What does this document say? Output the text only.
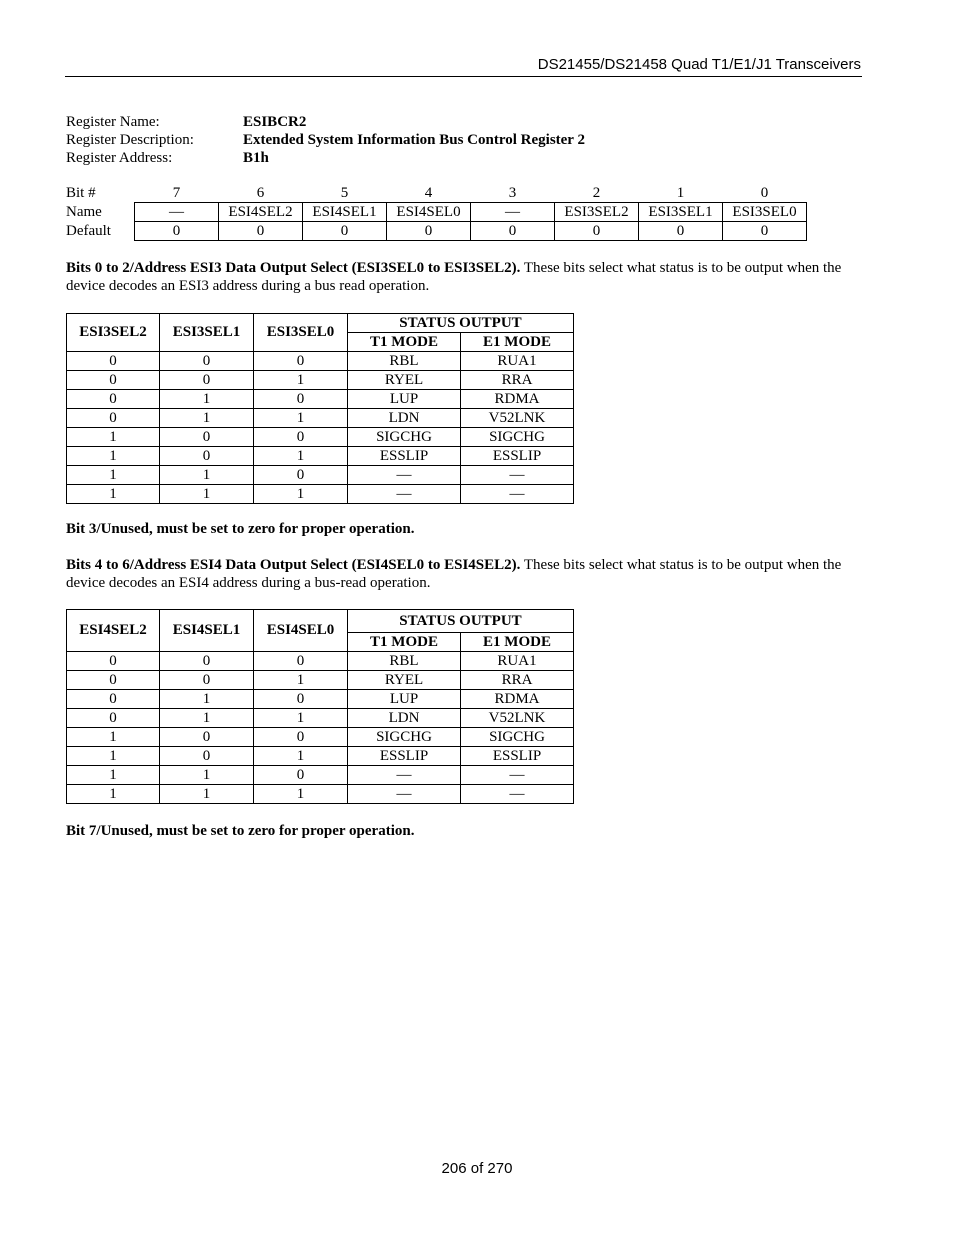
DS21455/DS21458 Quad T1/E1/J1 Transceivers
Register Name:	ESIBCR2
Register Description:	Extended System Information Bus Control Register 2
Register Address:	B1h
Bit #	7	6	5	4	3	2	1	0
Name	—	ESI4SEL2	ESI4SEL1	ESI4SEL0	—	ESI3SEL2	ESI3SEL1	ESI3SEL0
Default	0	0	0	0	0	0	0	0
Bits 0 to 2/Address ESI3 Data Output Select (ESI3SEL0 to ESI3SEL2). These bits select what status is to be output when the device decodes an ESI3 address during a bus read operation.
ESI3SEL2	ESI3SEL1	ESI3SEL0	STATUS OUTPUT	
			T1 MODE	E1 MODE
0	0	0	RBL	RUA1
0	0	1	RYEL	RRA
0	1	0	LUP	RDMA
0	1	1	LDN	V52LNK
1	0	0	SIGCHG	SIGCHG
1	0	1	ESSLIP	ESSLIP
1	1	0	—	—
1	1	1	—	—
Bit 3/Unused, must be set to zero for proper operation.
Bits 4 to 6/Address ESI4 Data Output Select (ESI4SEL0 to ESI4SEL2). These bits select what status is to be output when the device decodes an ESI4 address during a bus-read operation.
ESI4SEL2	ESI4SEL1	ESI4SEL0	STATUS OUTPUT	
			T1 MODE	E1 MODE
0	0	0	RBL	RUA1
0	0	1	RYEL	RRA
0	1	0	LUP	RDMA
0	1	1	LDN	V52LNK
1	0	0	SIGCHG	SIGCHG
1	0	1	ESSLIP	ESSLIP
1	1	0	—	—
1	1	1	—	—
Bit 7/Unused, must be set to zero for proper operation.
206 of 270
